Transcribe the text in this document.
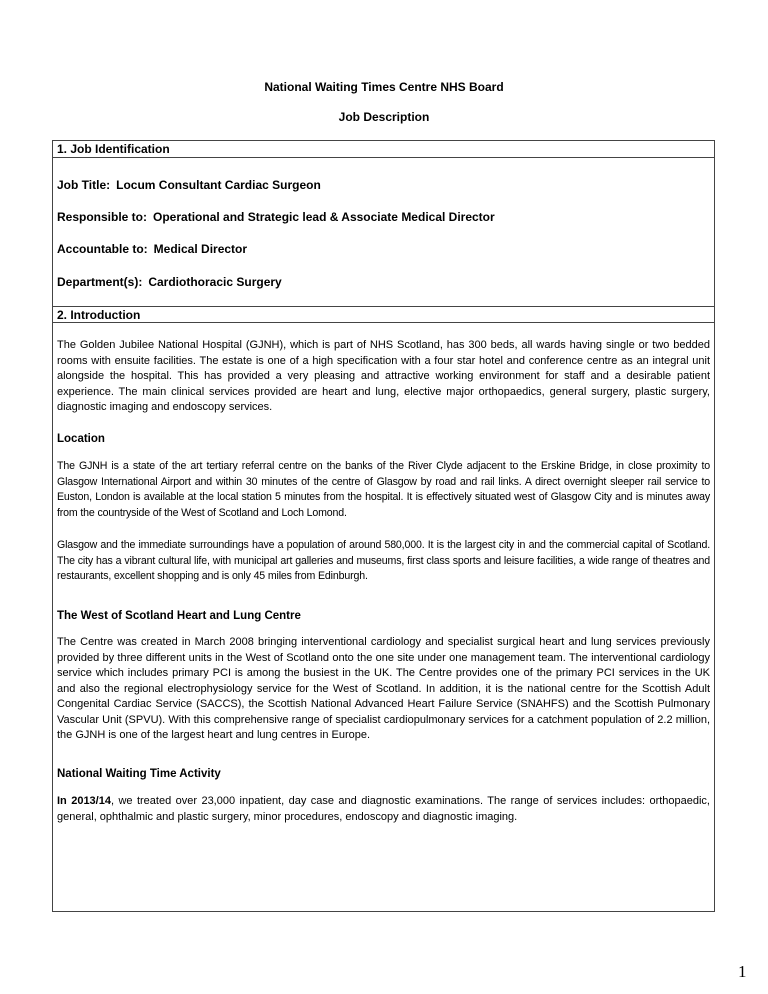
National Waiting Times Centre NHS Board
Job Description
1. Job Identification
Job Title: Locum Consultant Cardiac Surgeon
Responsible to: Operational and Strategic lead & Associate Medical Director
Accountable to: Medical Director
Department(s): Cardiothoracic Surgery
2. Introduction
The Golden Jubilee National Hospital (GJNH), which is part of NHS Scotland, has 300 beds, all wards having single or two bedded rooms with ensuite facilities. The estate is one of a high specification with a four star hotel and conference centre as an integral unit alongside the hospital. This has provided a very pleasing and attractive working environment for staff and a desirable patient experience. The main clinical services provided are heart and lung, elective major orthopaedics, general surgery, plastic surgery, diagnostic imaging and endoscopy services.
Location
The GJNH is a state of the art tertiary referral centre on the banks of the River Clyde adjacent to the Erskine Bridge, in close proximity to Glasgow International Airport and within 30 minutes of the centre of Glasgow by road and rail links. A direct overnight sleeper rail service to Euston, London is available at the local station 5 minutes from the hospital. It is effectively situated west of Glasgow City and is minutes away from the countryside of the West of Scotland and Loch Lomond.
Glasgow and the immediate surroundings have a population of around 580,000. It is the largest city in and the commercial capital of Scotland. The city has a vibrant cultural life, with municipal art galleries and museums, first class sports and leisure facilities, a wide range of theatres and restaurants, excellent shopping and is only 45 miles from Edinburgh.
The West of Scotland Heart and Lung Centre
The Centre was created in March 2008 bringing interventional cardiology and specialist surgical heart and lung services previously provided by three different units in the West of Scotland onto the one site under one management team. The interventional cardiology service which includes primary PCI is among the busiest in the UK. The Centre provides one of the primary PCI services in the UK and also the regional electrophysiology service for the West of Scotland. In addition, it is the national centre for the Scottish Adult Congenital Cardiac Service (SACCS), the Scottish National Advanced Heart Failure Service (SNAHFS) and the Scottish Pulmonary Vascular Unit (SPVU). With this comprehensive range of specialist cardiopulmonary services for a catchment population of 2.2 million, the GJNH is one of the largest heart and lung centres in Europe.
National Waiting Time Activity
In 2013/14, we treated over 23,000 inpatient, day case and diagnostic examinations. The range of services includes: orthopaedic, general, ophthalmic and plastic surgery, minor procedures, endoscopy and diagnostic imaging.
1
